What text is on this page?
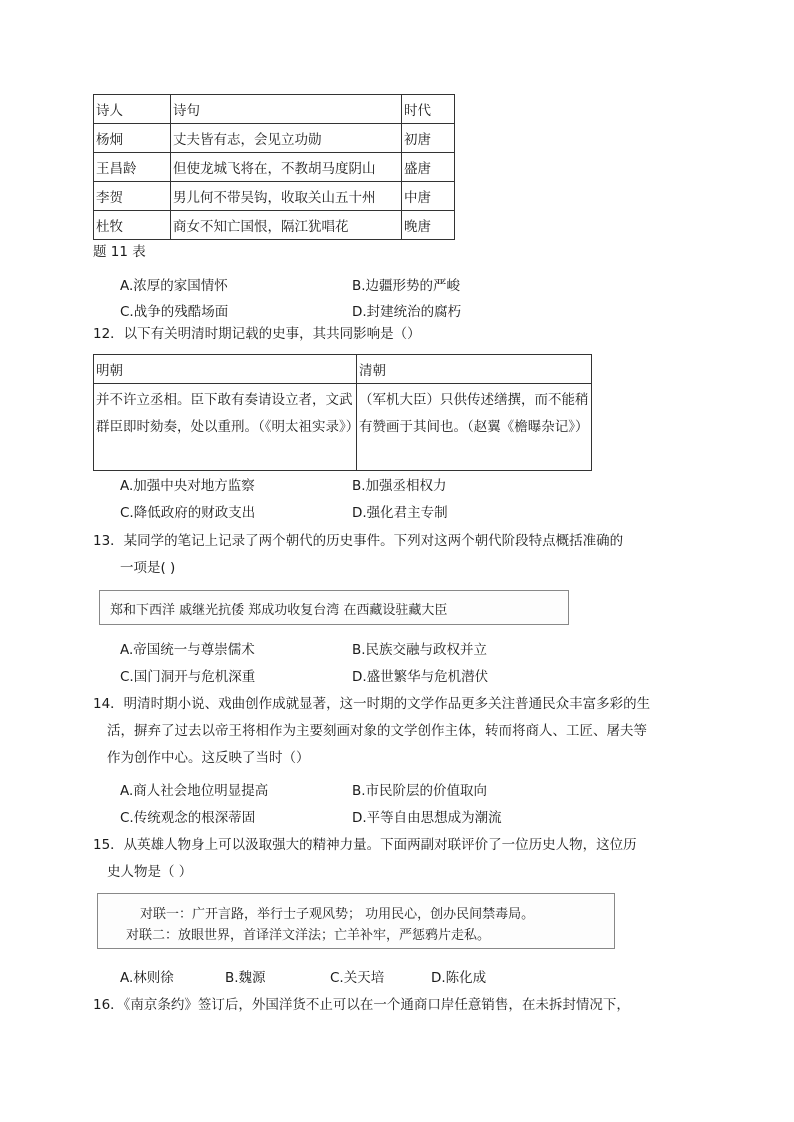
诗人	诗句	时代
杨炯	丈夫皆有志，会见立功勋	初唐
王昌龄	但使龙城飞将在，不教胡马度阴山	盛唐
李贺	男儿何不带吴钩，收取关山五十州	中唐
杜牧	商女不知亡国恨，隔江犹唱花	晚唐
题 11 表
A.浓厚的家国情怀	B.边疆形势的严峻
C.战争的残酷场面	D.封建统治的腐朽
12．以下有关明清时期记载的史事，其共同影响是（）
明朝	清朝

并不许立丞相。臣下敢有奏请设立者，文武群臣即时劾奏，处以重刑。（《明太祖实录》）	（军机大臣）只供传述缮撰，而不能稍有赞画于其间也。（赵翼《檐曝杂记》）
A.加强中央对地方监察	B.加强丞相权力
C.降低政府的财政支出	D.强化君主专制
13．某同学的笔记上记录了两个朝代的历史事件。下列对这两个朝代阶段特点概括准确的
一项是( )
郑和下西洋 戚继光抗倭 郑成功收复台湾 在西藏设驻藏大臣
A.帝国统一与尊崇儒术	B.民族交融与政权并立
C.国门洞开与危机深重	D.盛世繁华与危机潜伏
14．明清时期小说、戏曲创作成就显著，这一时期的文学作品更多关注普通民众丰富多彩的生
活，摒弃了过去以帝王将相作为主要刻画对象的文学创作主体，转而将商人、工匠、屠夫等
作为创作中心。这反映了当时（）
A.商人社会地位明显提高	B.市民阶层的价值取向
C.传统观念的根深蒂固	D.平等自由思想成为潮流
15．从英雄人物身上可以汲取强大的精神力量。下面两副对联评价了一位历史人物，这位历
史人物是（ ）
对联一：广开言路，举行士子观风势； 功用民心，创办民间禁毒局。
对联二：放眼世界，首译洋文洋法；亡羊补牢，严惩鸦片走私。
A.林则徐	B.魏源	C.关天培	D.陈化成
16．《南京条约》签订后，外国洋货不止可以在一个通商口岸任意销售，在未拆封情况下，
